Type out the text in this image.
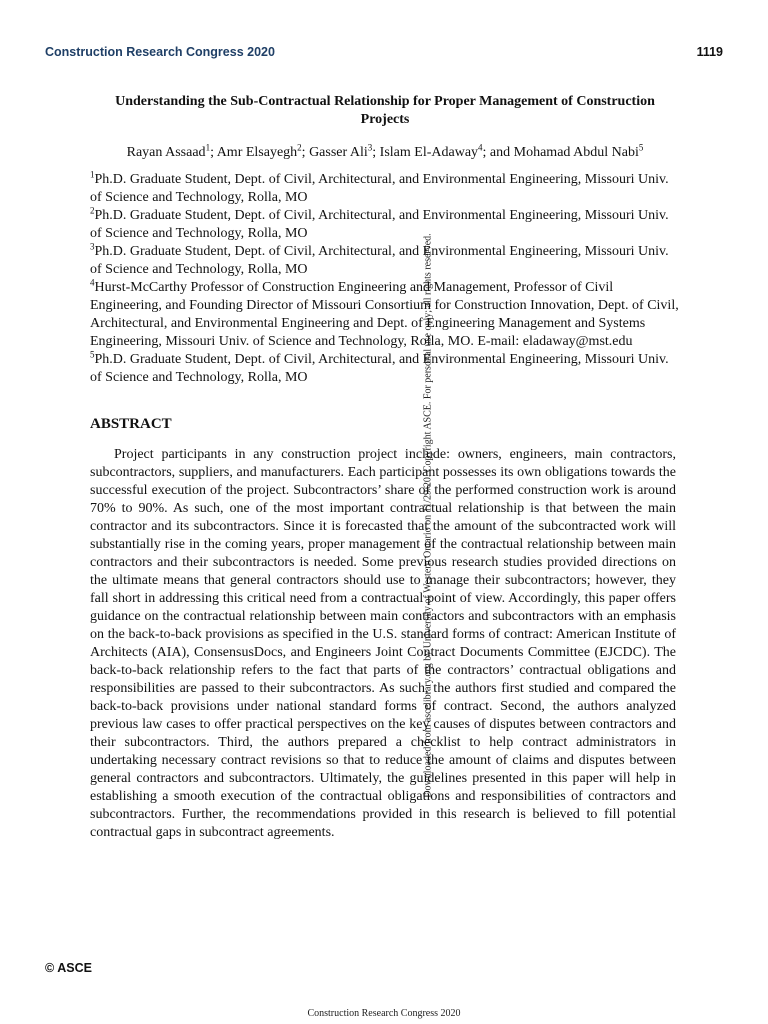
Construction Research Congress 2020	1119
Downloaded from ascelibrary.org by University of Western Ontario on 11/29/20. Copyright ASCE. For personal use only; all rights reserved.
Understanding the Sub-Contractual Relationship for Proper Management of Construction Projects
Rayan Assaad$^1$; Amr Elsayegh$^2$; Gasser Ali$^3$; Islam El-Adaway$^4$; and Mohamad Abdul Nabi$^5$

$^1$Ph.D. Graduate Student, Dept. of Civil, Architectural, and Environmental Engineering, Missouri Univ. of Science and Technology, Rolla, MO

$^2$Ph.D. Graduate Student, Dept. of Civil, Architectural, and Environmental Engineering, Missouri Univ. of Science and Technology, Rolla, MO

$^3$Ph.D. Graduate Student, Dept. of Civil, Architectural, and Environmental Engineering, Missouri Univ. of Science and Technology, Rolla, MO

$^4$Hurst-McCarthy Professor of Construction Engineering and Management, Professor of Civil Engineering, and Founding Director of Missouri Consortium for Construction Innovation, Dept. of Civil, Architectural, and Environmental Engineering and Dept. of Engineering Management and Systems Engineering, Missouri Univ. of Science and Technology, Rolla, MO. E-mail: eladaway@mst.edu

$^5$Ph.D. Graduate Student, Dept. of Civil, Architectural, and Environmental Engineering, Missouri Univ. of Science and Technology, Rolla, MO

ABSTRACT

Project participants in any construction project include: owners, engineers, main contractors, subcontractors, suppliers, and manufacturers. Each participant possesses its own obligations towards the successful execution of the project. Subcontractors’ share of the performed construction work is around 70% to 90%. As such, one of the most important contractual relationship is that between the main contractor and its subcontractors. Since it is forecasted that the amount of the subcontracted work will substantially rise in the coming years, proper management of the contractual relationship between main contractors and their subcontractors is needed. Some previous research studies provided directions on the ultimate means that general contractors should use to manage their subcontractors; however, they fall short in addressing this critical need from a contractual point of view. Accordingly, this paper offers guidance on the contractual relationship between main contractors and subcontractors with an emphasis on the back-to-back provisions as specified in the U.S. standard forms of contract: American Institute of Architects (AIA), ConsensusDocs, and Engineers Joint Contract Documents Committee (EJCDC). The back-to-back relationship refers to the fact that parts of the contractors’ contractual obligations and responsibilities are passed to their subcontractors. As such, the authors first studied and compared the back-to-back provisions under national standard forms of contract. Second, the authors analyzed previous law cases to offer practical perspectives on the key causes of disputes between contractors and their subcontractors. Third, the authors prepared a checklist to help contract administrators in undertaking necessary contract revisions so that to reduce the amount of claims and disputes between general contractors and subcontractors. Ultimately, the guidelines presented in this paper will help in establishing a smooth execution of the contractual obligations and responsibilities of contractors and subcontractors. Further, the recommendations provided in this research is believed to fill potential contractual gaps in subcontract agreements.

© ASCE
Construction Research Congress 2020
